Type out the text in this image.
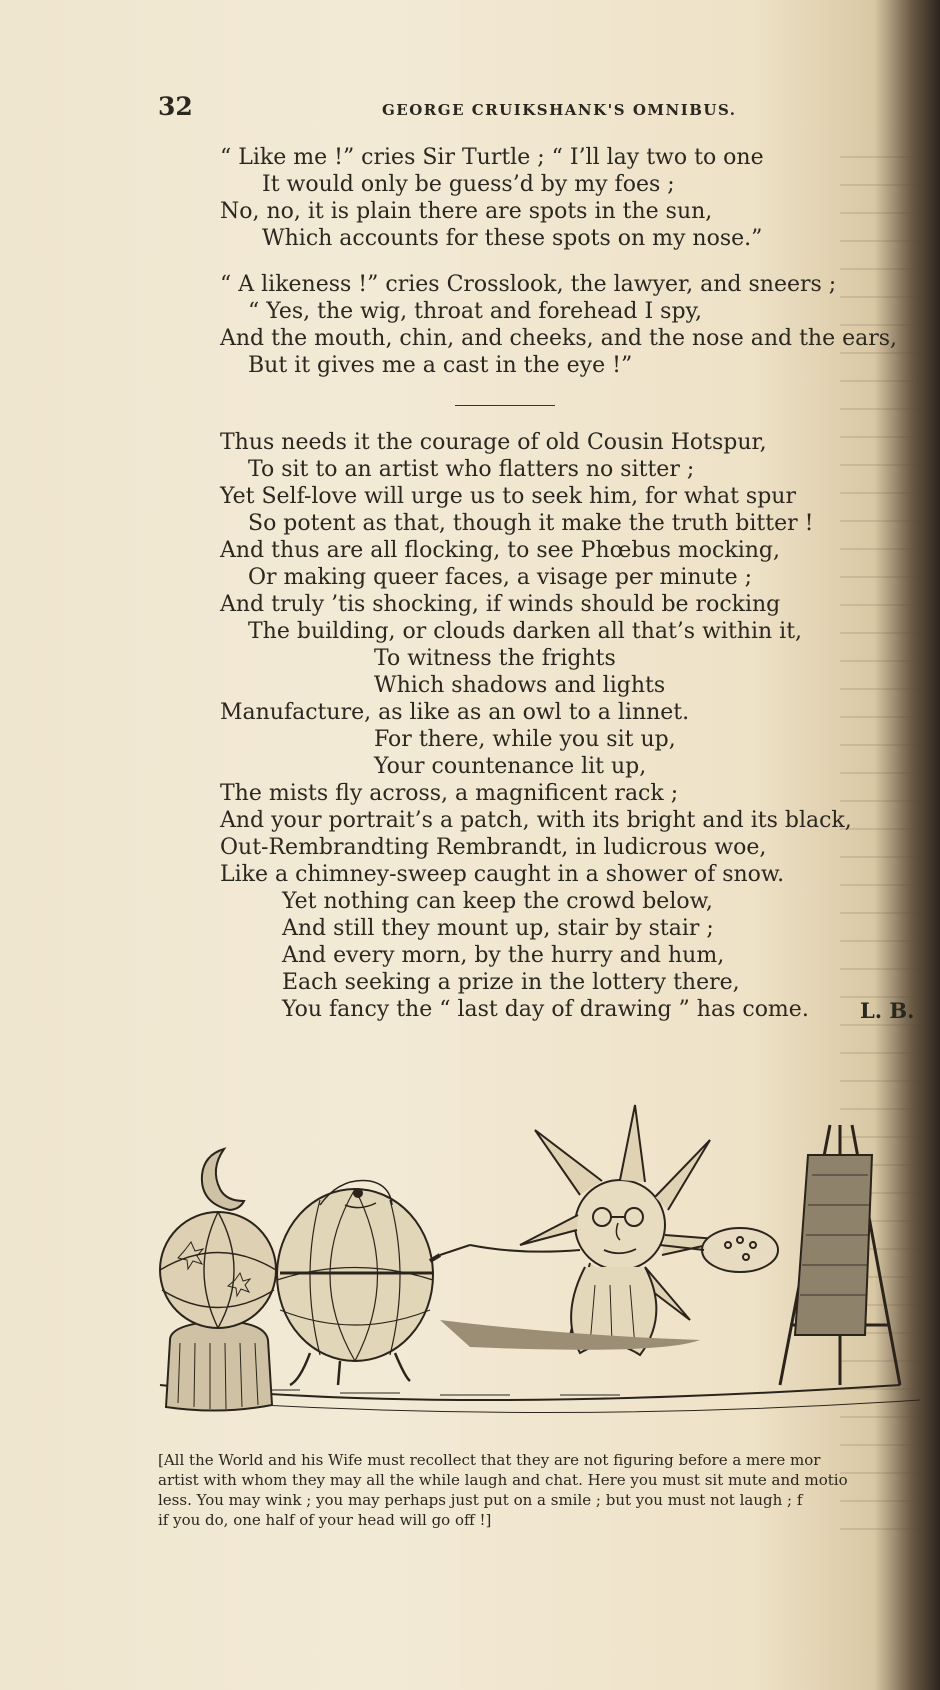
32	GEORGE CRUIKSHANK'S OMNIBUS.
“ Like me !” cries Sir Turtle ; “ I’ll lay two to one
It would only be guess’d by my foes ;
No, no, it is plain there are spots in the sun,
Which accounts for these spots on my nose.”
“ A likeness !” cries Crosslook, the lawyer, and sneers ;
“ Yes, the wig, throat and forehead I spy,
And the mouth, chin, and cheeks, and the nose and the ears,
But it gives me a cast in the eye !”
Thus needs it the courage of old Cousin Hotspur,
To sit to an artist who flatters no sitter ;
Yet Self-love will urge us to seek him, for what spur
So potent as that, though it make the truth bitter !
And thus are all flocking, to see Phœbus mocking,
Or making queer faces, a visage per minute ;
And truly ’tis shocking, if winds should be rocking
The building, or clouds darken all that’s within it,
To witness the frights
Which shadows and lights
Manufacture, as like as an owl to a linnet.
For there, while you sit up,
Your countenance lit up,
The mists fly across, a magnificent rack ;
And your portrait’s a patch, with its bright and its black,
Out-Rembrandting Rembrandt, in ludicrous woe,
Like a chimney-sweep caught in a shower of snow.
Yet nothing can keep the crowd below,
And still they mount up, stair by stair ;
And every morn, by the hurry and hum,
Each seeking a prize in the lottery there,
You fancy the “ last day of drawing ” has come. L. B.

[All the World and his Wife must recollect that they are not figuring before a mere mor

artist with whom they may all the while laugh and chat. Here you must sit mute and motio

less. You may wink ; you may perhaps just put on a smile ; but you must not laugh ; f

if you do, one half of your head will go off !]
